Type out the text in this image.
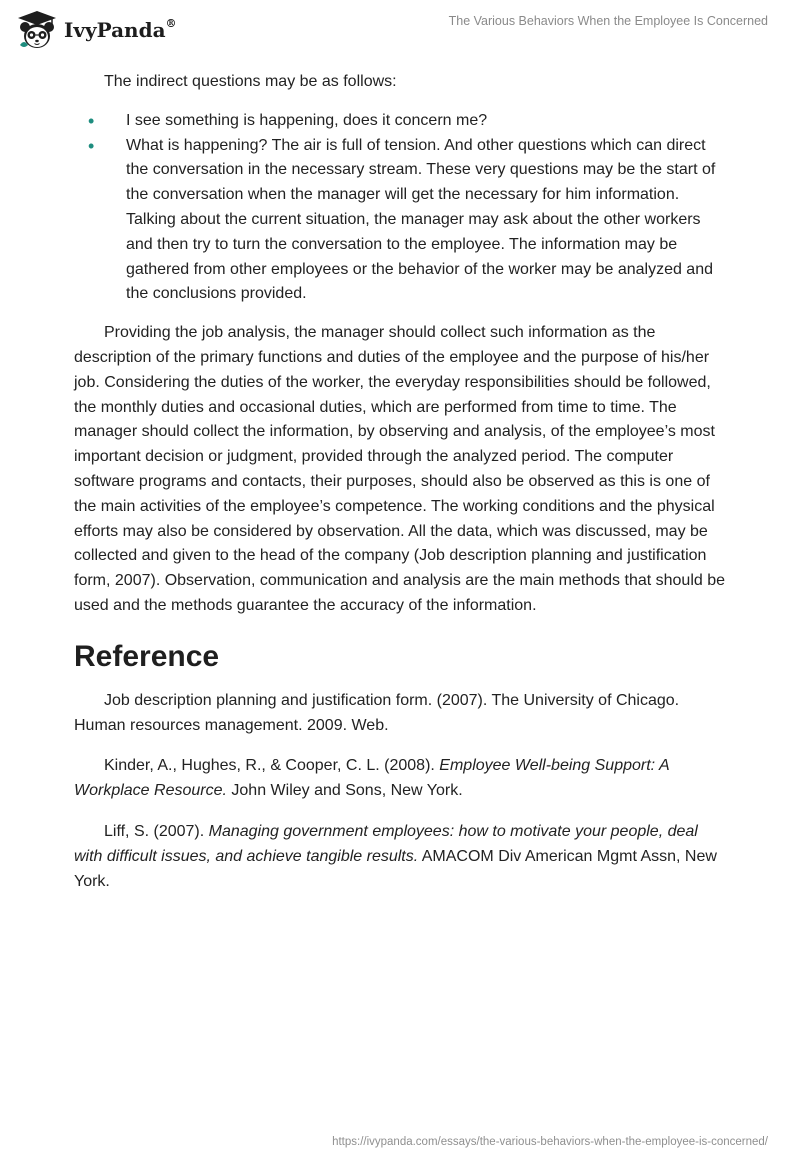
IvyPanda®	The Various Behaviors When the Employee Is Concerned

The indirect questions may be as follows:

• I see something is happening, does it concern me?
• What is happening? The air is full of tension. And other questions which can direct the conversation in the necessary stream. These very questions may be the start of the conversation when the manager will get the necessary for him information. Talking about the current situation, the manager may ask about the other workers and then try to turn the conversation to the employee. The information may be gathered from other employees or the behavior of the worker may be analyzed and the conclusions provided.

Providing the job analysis, the manager should collect such information as the description of the primary functions and duties of the employee and the purpose of his/her job. Considering the duties of the worker, the everyday responsibilities should be followed, the monthly duties and occasional duties, which are performed from time to time. The manager should collect the information, by observing and analysis, of the employee’s most important decision or judgment, provided through the analyzed period. The computer software programs and contacts, their purposes, should also be observed as this is one of the main activities of the employee’s competence. The working conditions and the physical efforts may also be considered by observation. All the data, which was discussed, may be collected and given to the head of the company (Job description planning and justification form, 2007). Observation, communication and analysis are the main methods that should be used and the methods guarantee the accuracy of the information.

Reference

Job description planning and justification form. (2007). The University of Chicago. Human resources management. 2009. Web.

Kinder, A., Hughes, R., & Cooper, C. L. (2008). Employee Well-being Support: A Workplace Resource. John Wiley and Sons, New York.

Liff, S. (2007). Managing government employees: how to motivate your people, deal with difficult issues, and achieve tangible results. AMACOM Div American Mgmt Assn, New York.

https://ivypanda.com/essays/the-various-behaviors-when-the-employee-is-concerned/
